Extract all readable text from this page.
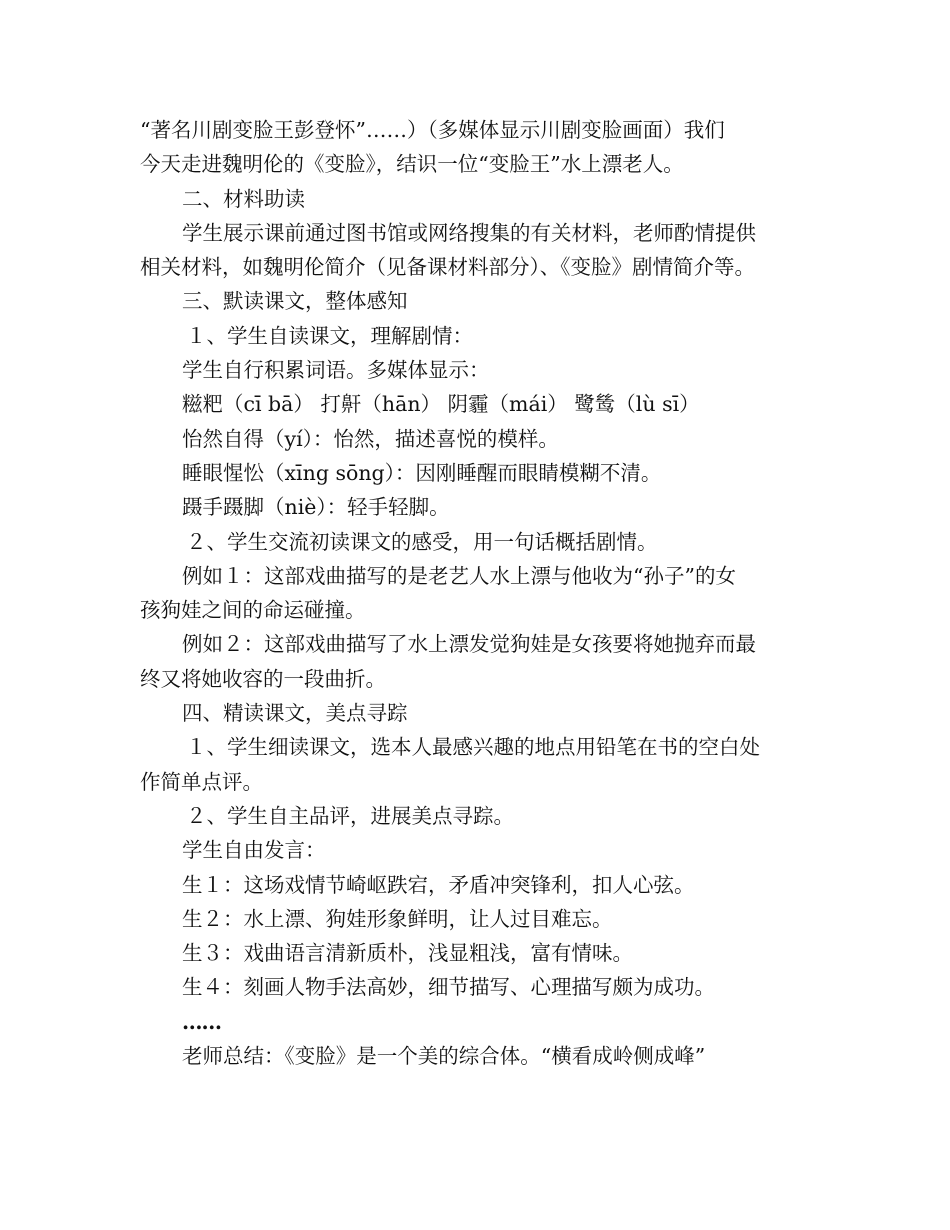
“著名川剧变脸王彭登怀”……）（多媒体显示川剧变脸画面）我们

今天走进魏明伦的《变脸》，结识一位“变脸王”水上漂老人。

二、材料助读

学生展示课前通过图书馆或网络搜集的有关材料，老师酌情提供

相关材料，如魏明伦简介（见备课材料部分）、《变脸》剧情简介等。

三、默读课文，整体感知

１、学生自读课文，理解剧情：

学生自行积累词语。多媒体显示：

糍粑（cī bā） 打鼾（hān） 阴霾（mái） 鹭鸶（lù sī）

怡然自得（yí）：怡然，描述喜悦的模样。

睡眼惺忪（xīng sōng）：因刚睡醒而眼睛模糊不清。

蹑手蹑脚（niè）：轻手轻脚。

２、学生交流初读课文的感受，用一句话概括剧情。

例如１：这部戏曲描写的是老艺人水上漂与他收为“孙子”的女

孩狗娃之间的命运碰撞。

例如２：这部戏曲描写了水上漂发觉狗娃是女孩要将她抛弃而最

终又将她收容的一段曲折。

四、精读课文，美点寻踪

１、学生细读课文，选本人最感兴趣的地点用铅笔在书的空白处

作简单点评。

２、学生自主品评，进展美点寻踪。

学生自由发言：

生１：这场戏情节崎岖跌宕，矛盾冲突锋利，扣人心弦。

生２：水上漂、狗娃形象鲜明，让人过目难忘。

生３：戏曲语言清新质朴，浅显粗浅，富有情味。

生４：刻画人物手法高妙，细节描写、心理描写颇为成功。

……

老师总结：《变脸》是一个美的综合体。“横看成岭侧成峰”
